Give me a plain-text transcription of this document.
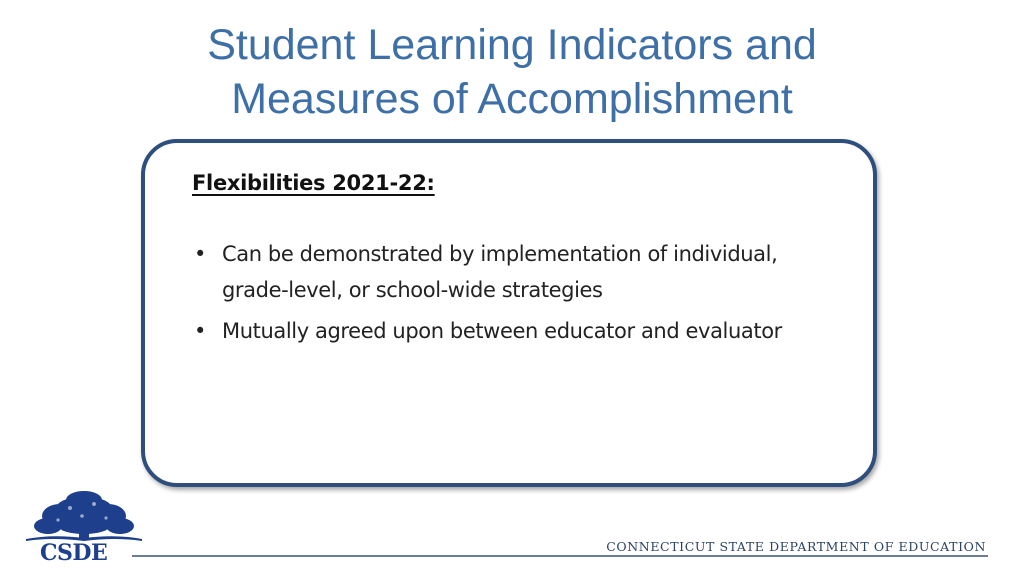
Student Learning Indicators and
Measures of Accomplishment
Flexibilities 2021-22:
• Can be demonstrated by implementation of individual, grade-level, or school-wide strategies
• Mutually agreed upon between educator and evaluator
CSDE	CONNECTICUT STATE DEPARTMENT OF EDUCATION
